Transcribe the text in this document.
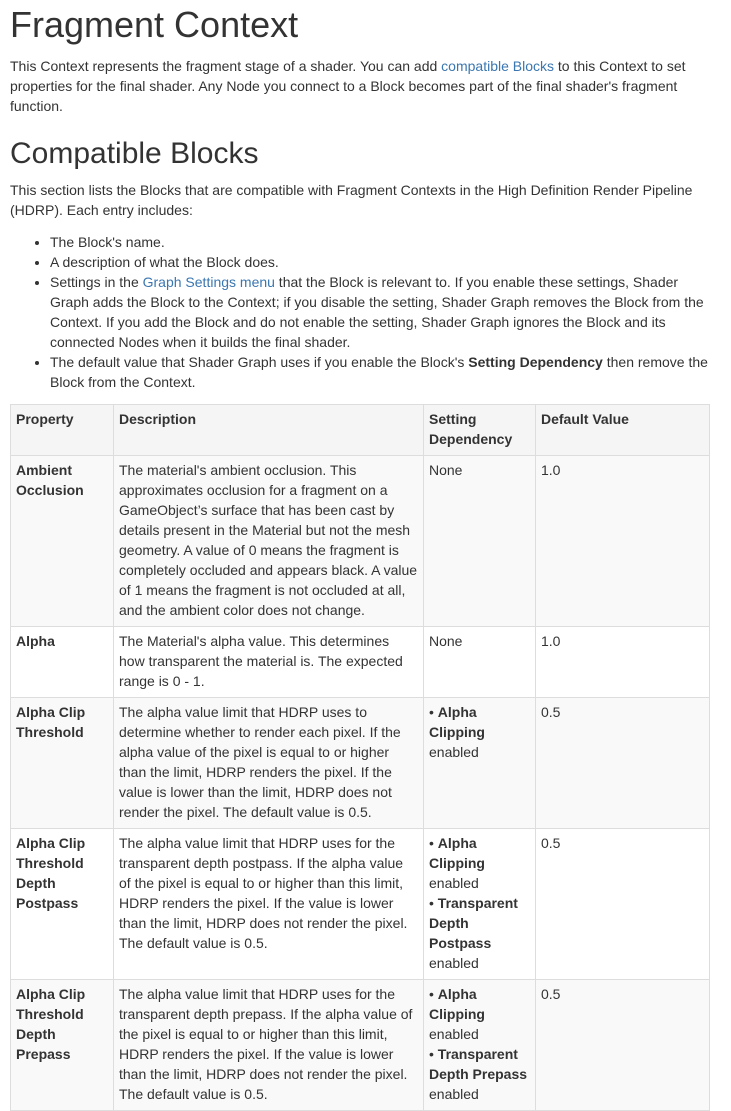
Fragment Context

This Context represents the fragment stage of a shader. You can add compatible Blocks to this Context to set properties for the final shader. Any Node you connect to a Block becomes part of the final shader's fragment function.

Compatible Blocks

This section lists the Blocks that are compatible with Fragment Contexts in the High Definition Render Pipeline (HDRP). Each entry includes:

• The Block's name.
• A description of what the Block does.
• Settings in the Graph Settings menu that the Block is relevant to. If you enable these settings, Shader Graph adds the Block to the Context; if you disable the setting, Shader Graph removes the Block from the Context. If you add the Block and do not enable the setting, Shader Graph ignores the Block and its connected Nodes when it builds the final shader.
• The default value that Shader Graph uses if you enable the Block's Setting Dependency then remove the Block from the Context.
Property	Description	Setting Dependency	Default Value
Ambient Occlusion	The material's ambient occlusion. This approximates occlusion for a fragment on a GameObject’s surface that has been cast by details present in the Material but not the mesh geometry. A value of 0 means the fragment is completely occluded and appears black. A value of 1 means the fragment is not occluded at all, and the ambient color does not change.	None	1.0
Alpha	The Material's alpha value. This determines how transparent the material is. The expected range is 0 - 1.	None	1.0
Alpha Clip Threshold	The alpha value limit that HDRP uses to determine whether to render each pixel. If the alpha value of the pixel is equal to or higher than the limit, HDRP renders the pixel. If the value is lower than the limit, HDRP does not render the pixel. The default value is 0.5.	• Alpha Clipping enabled	0.5
Alpha Clip Threshold Depth Postpass	The alpha value limit that HDRP uses for the transparent depth postpass. If the alpha value of the pixel is equal to or higher than this limit, HDRP renders the pixel. If the value is lower than the limit, HDRP does not render the pixel. The default value is 0.5.	• Alpha Clipping enabled
• Transparent Depth Postpass enabled	0.5
Alpha Clip Threshold Depth Prepass	The alpha value limit that HDRP uses for the transparent depth prepass. If the alpha value of the pixel is equal to or higher than this limit, HDRP renders the pixel. If the value is lower than the limit, HDRP does not render the pixel. The default value is 0.5.	• Alpha Clipping enabled
• Transparent Depth Prepass enabled	0.5
